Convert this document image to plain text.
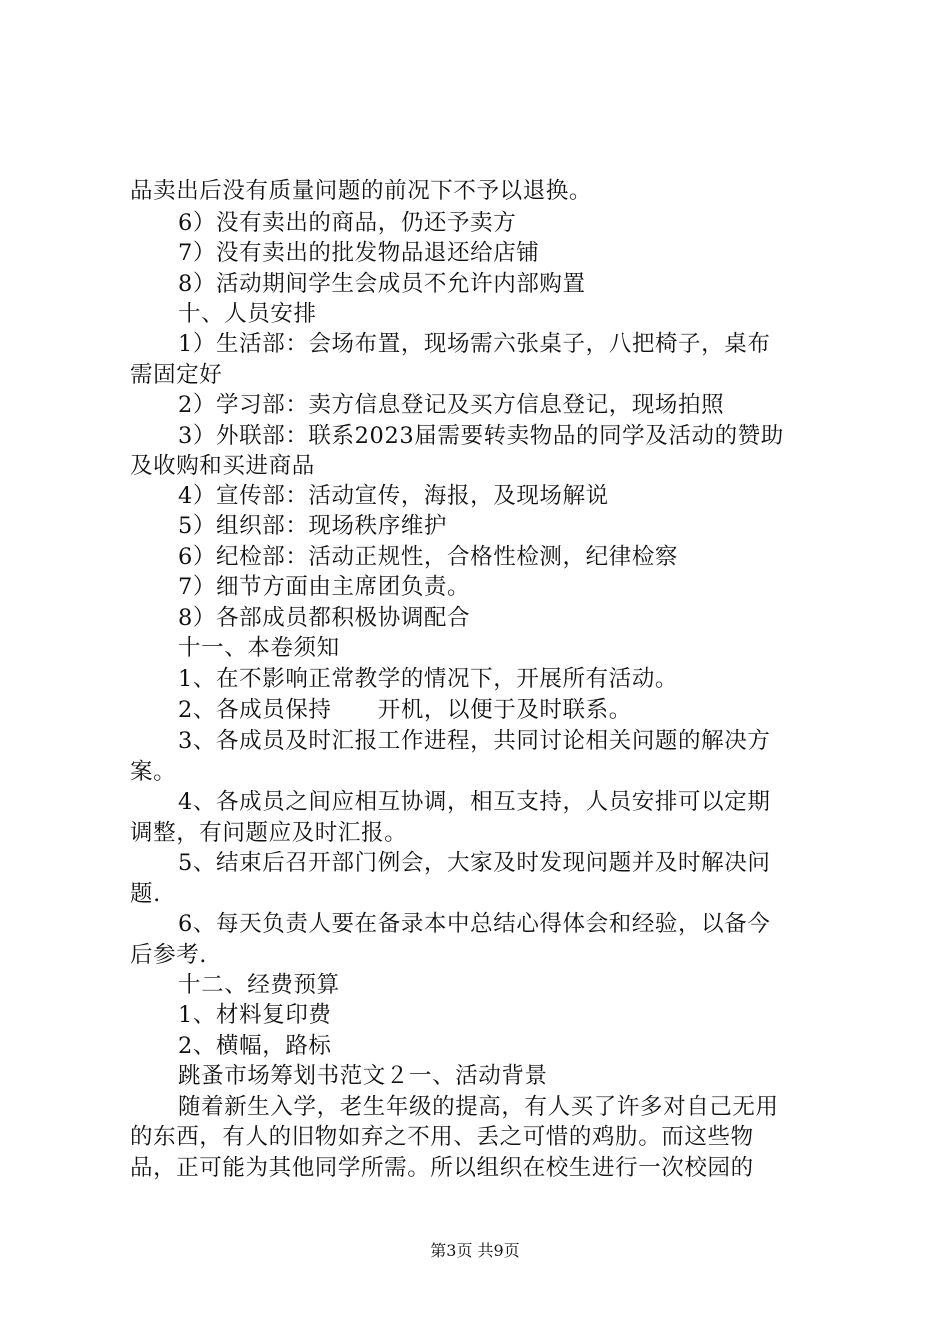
品卖出后没有质量问题的前况下不予以退换。
6）没有卖出的商品，仍还予卖方
7）没有卖出的批发物品退还给店铺
8）活动期间学生会成员不允许内部购置
十、人员安排
1）生活部：会场布置，现场需六张桌子，八把椅子，桌布
需固定好
2）学习部：卖方信息登记及买方信息登记，现场拍照
3）外联部：联系2023届需要转卖物品的同学及活动的赞助
及收购和买进商品
4）宣传部：活动宣传，海报，及现场解说
5）组织部：现场秩序维护
6）纪检部：活动正规性，合格性检测，纪律检察
7）细节方面由主席团负责。
8）各部成员都积极协调配合
十一、本卷须知
1、在不影响正常教学的情况下，开展所有活动。
2、各成员保持　　开机，以便于及时联系。
3、各成员及时汇报工作进程，共同讨论相关问题的解决方
案。
4、各成员之间应相互协调，相互支持，人员安排可以定期
调整，有问题应及时汇报。
5、结束后召开部门例会，大家及时发现问题并及时解决问
题.
6、每天负责人要在备录本中总结心得体会和经验，以备今
后参考.
十二、经费预算
1、材料复印费
2、横幅，路标
跳蚤市场筹划书范文２一、活动背景
随着新生入学，老生年级的提高，有人买了许多对自己无用
的东西，有人的旧物如弃之不用、丢之可惜的鸡肋。而这些物
品，正可能为其他同学所需。所以组织在校生进行一次校园的
第3页 共9页
